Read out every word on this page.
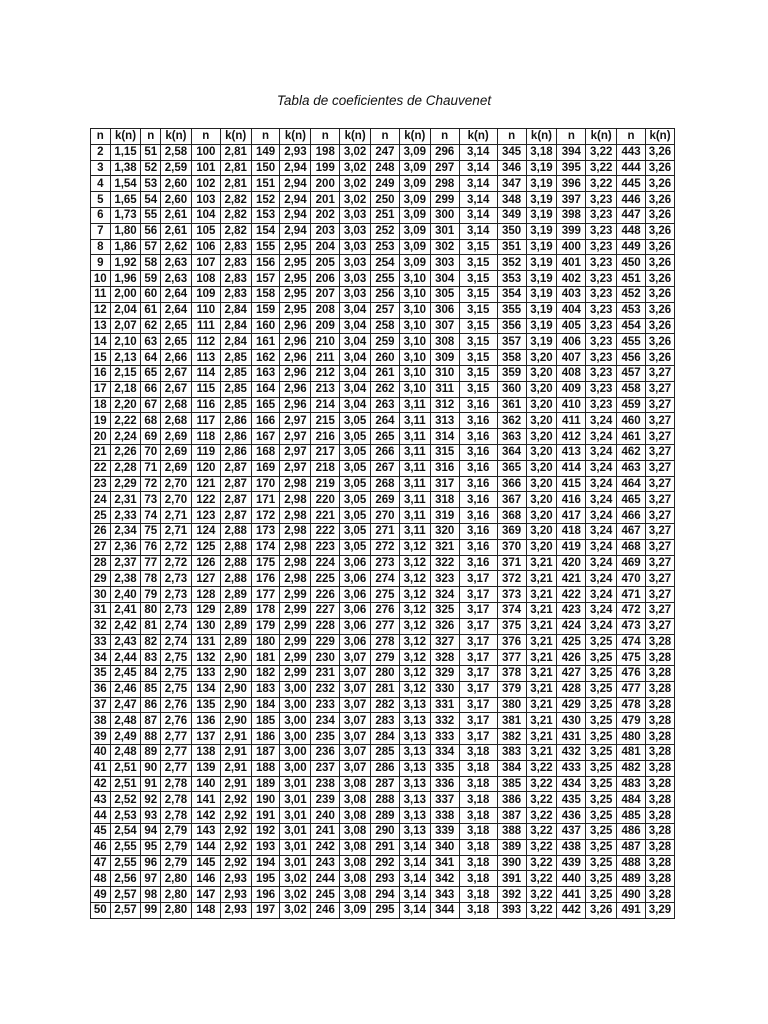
Tabla de coeficientes de Chauvenet
n	k(n)	n	k(n)	n	k(n)	n	k(n)	n	k(n)	n	k(n)	n	k(n)	n	k(n)	n	k(n)	n	k(n)
2	1,15	51	2,58	100	2,81	149	2,93	198	3,02	247	3,09	296	3,14	345	3,18	394	3,22	443	3,26
3	1,38	52	2,59	101	2,81	150	2,94	199	3,02	248	3,09	297	3,14	346	3,19	395	3,22	444	3,26
4	1,54	53	2,60	102	2,81	151	2,94	200	3,02	249	3,09	298	3,14	347	3,19	396	3,22	445	3,26
5	1,65	54	2,60	103	2,82	152	2,94	201	3,02	250	3,09	299	3,14	348	3,19	397	3,23	446	3,26
6	1,73	55	2,61	104	2,82	153	2,94	202	3,03	251	3,09	300	3,14	349	3,19	398	3,23	447	3,26
7	1,80	56	2,61	105	2,82	154	2,94	203	3,03	252	3,09	301	3,14	350	3,19	399	3,23	448	3,26
8	1,86	57	2,62	106	2,83	155	2,95	204	3,03	253	3,09	302	3,15	351	3,19	400	3,23	449	3,26
9	1,92	58	2,63	107	2,83	156	2,95	205	3,03	254	3,09	303	3,15	352	3,19	401	3,23	450	3,26
10	1,96	59	2,63	108	2,83	157	2,95	206	3,03	255	3,10	304	3,15	353	3,19	402	3,23	451	3,26
11	2,00	60	2,64	109	2,83	158	2,95	207	3,03	256	3,10	305	3,15	354	3,19	403	3,23	452	3,26
12	2,04	61	2,64	110	2,84	159	2,95	208	3,04	257	3,10	306	3,15	355	3,19	404	3,23	453	3,26
13	2,07	62	2,65	111	2,84	160	2,96	209	3,04	258	3,10	307	3,15	356	3,19	405	3,23	454	3,26
14	2,10	63	2,65	112	2,84	161	2,96	210	3,04	259	3,10	308	3,15	357	3,19	406	3,23	455	3,26
15	2,13	64	2,66	113	2,85	162	2,96	211	3,04	260	3,10	309	3,15	358	3,20	407	3,23	456	3,26
16	2,15	65	2,67	114	2,85	163	2,96	212	3,04	261	3,10	310	3,15	359	3,20	408	3,23	457	3,27
17	2,18	66	2,67	115	2,85	164	2,96	213	3,04	262	3,10	311	3,15	360	3,20	409	3,23	458	3,27
18	2,20	67	2,68	116	2,85	165	2,96	214	3,04	263	3,11	312	3,16	361	3,20	410	3,23	459	3,27
19	2,22	68	2,68	117	2,86	166	2,97	215	3,05	264	3,11	313	3,16	362	3,20	411	3,24	460	3,27
20	2,24	69	2,69	118	2,86	167	2,97	216	3,05	265	3,11	314	3,16	363	3,20	412	3,24	461	3,27
21	2,26	70	2,69	119	2,86	168	2,97	217	3,05	266	3,11	315	3,16	364	3,20	413	3,24	462	3,27
22	2,28	71	2,69	120	2,87	169	2,97	218	3,05	267	3,11	316	3,16	365	3,20	414	3,24	463	3,27
23	2,29	72	2,70	121	2,87	170	2,98	219	3,05	268	3,11	317	3,16	366	3,20	415	3,24	464	3,27
24	2,31	73	2,70	122	2,87	171	2,98	220	3,05	269	3,11	318	3,16	367	3,20	416	3,24	465	3,27
25	2,33	74	2,71	123	2,87	172	2,98	221	3,05	270	3,11	319	3,16	368	3,20	417	3,24	466	3,27
26	2,34	75	2,71	124	2,88	173	2,98	222	3,05	271	3,11	320	3,16	369	3,20	418	3,24	467	3,27
27	2,36	76	2,72	125	2,88	174	2,98	223	3,05	272	3,12	321	3,16	370	3,20	419	3,24	468	3,27
28	2,37	77	2,72	126	2,88	175	2,98	224	3,06	273	3,12	322	3,16	371	3,21	420	3,24	469	3,27
29	2,38	78	2,73	127	2,88	176	2,98	225	3,06	274	3,12	323	3,17	372	3,21	421	3,24	470	3,27
30	2,40	79	2,73	128	2,89	177	2,99	226	3,06	275	3,12	324	3,17	373	3,21	422	3,24	471	3,27
31	2,41	80	2,73	129	2,89	178	2,99	227	3,06	276	3,12	325	3,17	374	3,21	423	3,24	472	3,27
32	2,42	81	2,74	130	2,89	179	2,99	228	3,06	277	3,12	326	3,17	375	3,21	424	3,24	473	3,27
33	2,43	82	2,74	131	2,89	180	2,99	229	3,06	278	3,12	327	3,17	376	3,21	425	3,25	474	3,28
34	2,44	83	2,75	132	2,90	181	2,99	230	3,07	279	3,12	328	3,17	377	3,21	426	3,25	475	3,28
35	2,45	84	2,75	133	2,90	182	2,99	231	3,07	280	3,12	329	3,17	378	3,21	427	3,25	476	3,28
36	2,46	85	2,75	134	2,90	183	3,00	232	3,07	281	3,12	330	3,17	379	3,21	428	3,25	477	3,28
37	2,47	86	2,76	135	2,90	184	3,00	233	3,07	282	3,13	331	3,17	380	3,21	429	3,25	478	3,28
38	2,48	87	2,76	136	2,90	185	3,00	234	3,07	283	3,13	332	3,17	381	3,21	430	3,25	479	3,28
39	2,49	88	2,77	137	2,91	186	3,00	235	3,07	284	3,13	333	3,17	382	3,21	431	3,25	480	3,28
40	2,48	89	2,77	138	2,91	187	3,00	236	3,07	285	3,13	334	3,18	383	3,21	432	3,25	481	3,28
41	2,51	90	2,77	139	2,91	188	3,00	237	3,07	286	3,13	335	3,18	384	3,22	433	3,25	482	3,28
42	2,51	91	2,78	140	2,91	189	3,01	238	3,08	287	3,13	336	3,18	385	3,22	434	3,25	483	3,28
43	2,52	92	2,78	141	2,92	190	3,01	239	3,08	288	3,13	337	3,18	386	3,22	435	3,25	484	3,28
44	2,53	93	2,78	142	2,92	191	3,01	240	3,08	289	3,13	338	3,18	387	3,22	436	3,25	485	3,28
45	2,54	94	2,79	143	2,92	192	3,01	241	3,08	290	3,13	339	3,18	388	3,22	437	3,25	486	3,28
46	2,55	95	2,79	144	2,92	193	3,01	242	3,08	291	3,14	340	3,18	389	3,22	438	3,25	487	3,28
47	2,55	96	2,79	145	2,92	194	3,01	243	3,08	292	3,14	341	3,18	390	3,22	439	3,25	488	3,28
48	2,56	97	2,80	146	2,93	195	3,02	244	3,08	293	3,14	342	3,18	391	3,22	440	3,25	489	3,28
49	2,57	98	2,80	147	2,93	196	3,02	245	3,08	294	3,14	343	3,18	392	3,22	441	3,25	490	3,28
50	2,57	99	2,80	148	2,93	197	3,02	246	3,09	295	3,14	344	3,18	393	3,22	442	3,26	491	3,29
